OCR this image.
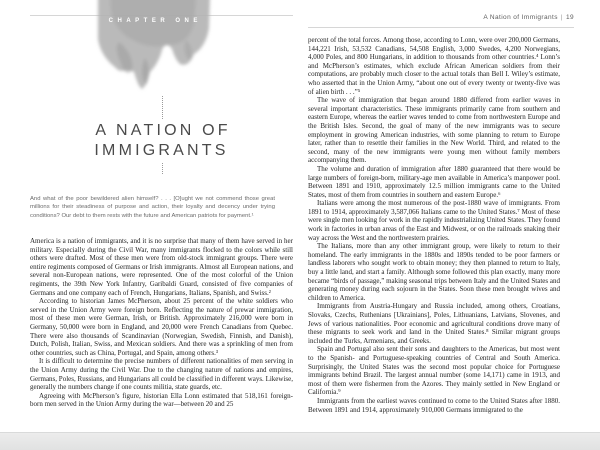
CHAPTER ONE
A NATION OF
IMMIGRANTS

And what of the poor bewildered alien himself? . . . [O]ught we not commend those great millions for their steadiness of purpose and action, their loyalty and decency under trying conditions? Our debt to them rests with the future and American patriots for payment.¹

America is a nation of immigrants, and it is no surprise that many of them have served in her military. Especially during the Civil War, many immigrants flocked to the colors while still others were drafted. Most of these men were from old-stock immigrant groups. There were entire regiments composed of Germans or Irish immigrants. Almost all European nations, and several non-European nations, were represented. One of the most colorful of the Union regiments, the 39th New York Infantry, Garibaldi Guard, consisted of five companies of Germans and one company each of French, Hungarians, Italians, Spanish, and Swiss.²

According to historian James McPherson, about 25 percent of the white soldiers who served in the Union Army were foreign born. Reflecting the nature of prewar immigration, most of these men were German, Irish, or British. Approximately 216,000 were born in Germany, 50,000 were born in England, and 20,000 were French Canadians from Quebec. There were also thousands of Scandinavian (Norwegian, Swedish, Finnish, and Danish), Dutch, Polish, Italian, Swiss, and Mexican soldiers. And there was a sprinkling of men from other countries, such as China, Portugal, and Spain, among others.³

It is difficult to determine the precise numbers of different nationalities of men serving in the Union Army during the Civil War. Due to the changing nature of nations and empires, Germans, Poles, Russians, and Hungarians all could be classified in different ways. Likewise, generally the numbers change if one counts militia, state guards, etc.

Agreeing with McPherson’s figure, historian Ella Lonn estimated that 518,161 foreign-born men served in the Union Army during the war—between 20 and 25

A Nation of Immigrants | 19

percent of the total forces. Among those, according to Lonn, were over 200,000 Germans, 144,221 Irish, 53,532 Canadians, 54,508 English, 3,000 Swedes, 4,200 Norwegians, 4,000 Poles, and 800 Hungarians, in addition to thousands from other countries.⁴ Lonn’s and McPherson’s estimates, which exclude African American soldiers from their computations, are probably much closer to the actual totals than Bell I. Wiley’s estimate, who asserted that in the Union Army, “about one out of every twenty or twenty-five was of alien birth . . .”⁵

The wave of immigration that began around 1880 differed from earlier waves in several important characteristics. These immigrants primarily came from southern and eastern Europe, whereas the earlier waves tended to come from northwestern Europe and the British Isles. Second, the goal of many of the new immigrants was to secure employment in growing American industries, with some planning to return to Europe later, rather than to resettle their families in the New World. Third, and related to the second, many of the new immigrants were young men without family members accompanying them.

The volume and duration of immigration after 1880 guaranteed that there would be large numbers of foreign-born, military-age men available in America’s manpower pool. Between 1891 and 1910, approximately 12.5 million immigrants came to the United States, most of them from countries in southern and eastern Europe.⁶

Italians were among the most numerous of the post-1880 wave of immigrants. From 1891 to 1914, approximately 3,587,066 Italians came to the United States.⁷ Most of these were single men looking for work in the rapidly industrializing United States. They found work in factories in urban areas of the East and Midwest, or on the railroads snaking their way across the West and the northwestern prairies.

The Italians, more than any other immigrant group, were likely to return to their homeland. The early immigrants in the 1880s and 1890s tended to be poor farmers or landless laborers who sought work to obtain money; they then planned to return to Italy, buy a little land, and start a family. Although some followed this plan exactly, many more became “birds of passage,” making seasonal trips between Italy and the United States and generating money during each sojourn in the States. Soon these men brought wives and children to America.

Immigrants from Austria-Hungary and Russia included, among others, Croatians, Slovaks, Czechs, Ruthenians [Ukrainians], Poles, Lithuanians, Latvians, Slovenes, and Jews of various nationalities. Poor economic and agricultural conditions drove many of these migrants to seek work and land in the United States.⁸ Similar migrant groups included the Turks, Armenians, and Greeks.

Spain and Portugal also sent their sons and daughters to the Americas, but most went to the Spanish- and Portuguese-speaking countries of Central and South America. Surprisingly, the United States was the second most popular choice for Portuguese immigrants behind Brazil. The largest annual number (some 14,171) came in 1913, and most of them were fishermen from the Azores. They mainly settled in New England or California.⁹

Immigrants from the earliest waves continued to come to the United States after 1880. Between 1891 and 1914, approximately 910,000 Germans immigrated to the
